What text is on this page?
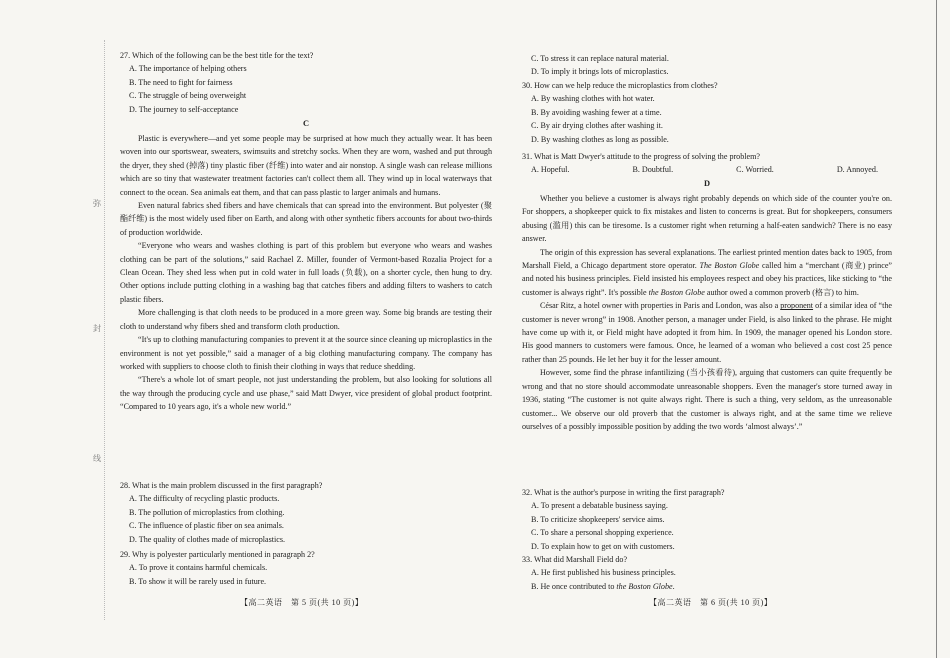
弥
封
线
27. Which of the following can be the best title for the text?
A. The importance of helping others
B. The need to fight for fairness
C. The struggle of being overweight
D. The journey to self-acceptance
C

Plastic is everywhere—and yet some people may be surprised at how much they actually wear. It has been woven into our sportswear, sweaters, swimsuits and stretchy socks. When they are worn, washed and put through the dryer, they shed (掉落) tiny plastic fiber (纤维) into water and air nonstop. A single wash can release millions which are so tiny that wastewater treatment factories can't collect them all. They wind up in local waterways that connect to the ocean. Sea animals eat them, and that can pass plastic to larger animals and humans.

Even natural fabrics shed fibers and have chemicals that can spread into the environment. But polyester (聚酯纤维) is the most widely used fiber on Earth, and along with other synthetic fibers accounts for about two-thirds of production worldwide.

“Everyone who wears and washes clothing is part of this problem but everyone who wears and washes clothing can be part of the solutions,” said Rachael Z. Miller, founder of Vermont-based Rozalia Project for a Clean Ocean. They shed less when put in cold water in full loads (负载), on a shorter cycle, then hung to dry. Other options include putting clothing in a washing bag that catches fibers and adding filters to washers to catch plastic fibers.

More challenging is that cloth needs to be produced in a more green way. Some big brands are testing their cloth to understand why fibers shed and transform cloth production.

“It's up to clothing manufacturing companies to prevent it at the source since cleaning up microplastics in the environment is not yet possible,” said a manager of a big clothing manufacturing company. The company has worked with suppliers to choose cloth to finish their clothing in ways that reduce shedding.

“There's a whole lot of smart people, not just understanding the problem, but also looking for solutions all the way through the producing cycle and use phase,” said Matt Dwyer, vice president of global product footprint. “Compared to 10 years ago, it's a whole new world.”

28. What is the main problem discussed in the first paragraph?
A. The difficulty of recycling plastic products.
B. The pollution of microplastics from clothing.
C. The influence of plastic fiber on sea animals.
D. The quality of clothes made of microplastics.
29. Why is polyester particularly mentioned in paragraph 2?
A. To prove it contains harmful chemicals.
B. To show it will be rarely used in future.
【高二英语　第 5 页(共 10 页)】
C. To stress it can replace natural material.
D. To imply it brings lots of microplastics.
30. How can we help reduce the microplastics from clothes?
A. By washing clothes with hot water.
B. By avoiding washing fewer at a time.
C. By air drying clothes after washing it.
D. By washing clothes as long as possible.
31. What is Matt Dwyer's attitude to the progress of solving the problem?
A. Hopeful.	B. Doubtful.	C. Worried.	D. Annoyed.
D

Whether you believe a customer is always right probably depends on which side of the counter you're on. For shoppers, a shopkeeper quick to fix mistakes and listen to concerns is great. But for shopkeepers, consumers abusing (滥用) this can be tiresome. Is a customer right when returning a half-eaten sandwich? There is no easy answer.

The origin of this expression has several explanations. The earliest printed mention dates back to 1905, from Marshall Field, a Chicago department store operator. The Boston Globe called him a “merchant (商业) prince” and noted his business principles. Field insisted his employees respect and obey his practices, like sticking to “the customer is always right”. It's possible the Boston Globe author owed a common proverb (格言) to him.

César Ritz, a hotel owner with properties in Paris and London, was also a proponent of a similar idea of “the customer is never wrong” in 1908. Another person, a manager under Field, is also linked to the phrase. He might have come up with it, or Field might have adopted it from him. In 1909, the manager opened his London store. His good manners to customers were famous. Once, he learned of a woman who believed a cost cost 25 pence rather than 25 pounds. He let her buy it for the lesser amount.

However, some find the phrase infantilizing (当小孩看待), arguing that customers can quite frequently be wrong and that no store should accommodate unreasonable shoppers. Even the manager's store turned away in 1936, stating “The customer is not quite always right. There is such a thing, very seldom, as the unreasonable customer... We observe our old proverb that the customer is always right, and at the same time we relieve ourselves of a possibly impossible position by adding the two words ‘almost always’.”

32. What is the author's purpose in writing the first paragraph?
A. To present a debatable business saying.
B. To criticize shopkeepers' service aims.
C. To share a personal shopping experience.
D. To explain how to get on with customers.
33. What did Marshall Field do?
A. He first published his business principles.
B. He once contributed to the Boston Globe.
【高二英语　第 6 页(共 10 页)】
